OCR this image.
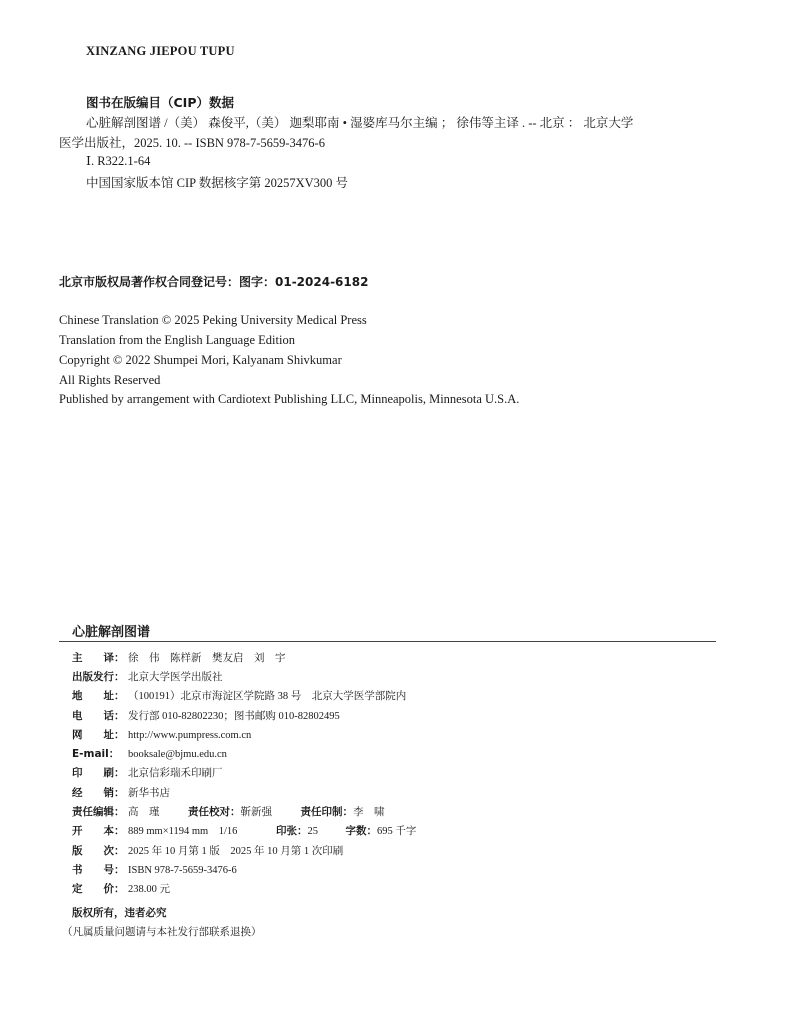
XINZANG JIEPOU TUPU
图书在版编目（CIP）数据
心脏解剖图谱 /（美） 森俊平,（美） 迦梨耶南 • 湿婆库马尔主编 ； 徐伟等主译 . -- 北京 ： 北京大学
医学出版社，2025. 10. -- ISBN 978-7-5659-3476-6
Ⅰ. R322.1-64
中国国家版本馆 CIP 数据核字第 20257XV300 号
北京市版权局著作权合同登记号：图字：01-2024-6182
Chinese Translation © 2025 Peking University Medical Press
Translation from the English Language Edition
Copyright © 2022 Shumpei Mori, Kalyanam Shivkumar
All Rights Reserved
Published by arrangement with Cardiotext Publishing LLC, Minneapolis, Minnesota U.S.A.
心脏解剖图谱
主　　译： 徐　伟　陈样新　樊友启　刘　宇
出版发行： 北京大学医学出版社
地　　址： （100191）北京市海淀区学院路 38 号　北京大学医学部院内
电　　话： 发行部 010-82802230；图书邮购 010-82802495
网　　址： http://www.pumpress.com.cn
E-mail： booksale@bjmu.edu.cn
印　　刷： 北京信彩瑞禾印刷厂
经　　销： 新华书店
责任编辑： 高　瑾	责任校对：靳新强	责任印制：李　啸
开　　本： 889 mm×1194 mm　1/16	印张：25	字数：695 千字
版　　次： 2025 年 10 月第 1 版　2025 年 10 月第 1 次印刷
书　　号： ISBN 978-7-5659-3476-6
定　　价： 238.00 元
版权所有，违者必究
（凡属质量问题请与本社发行部联系退换）
